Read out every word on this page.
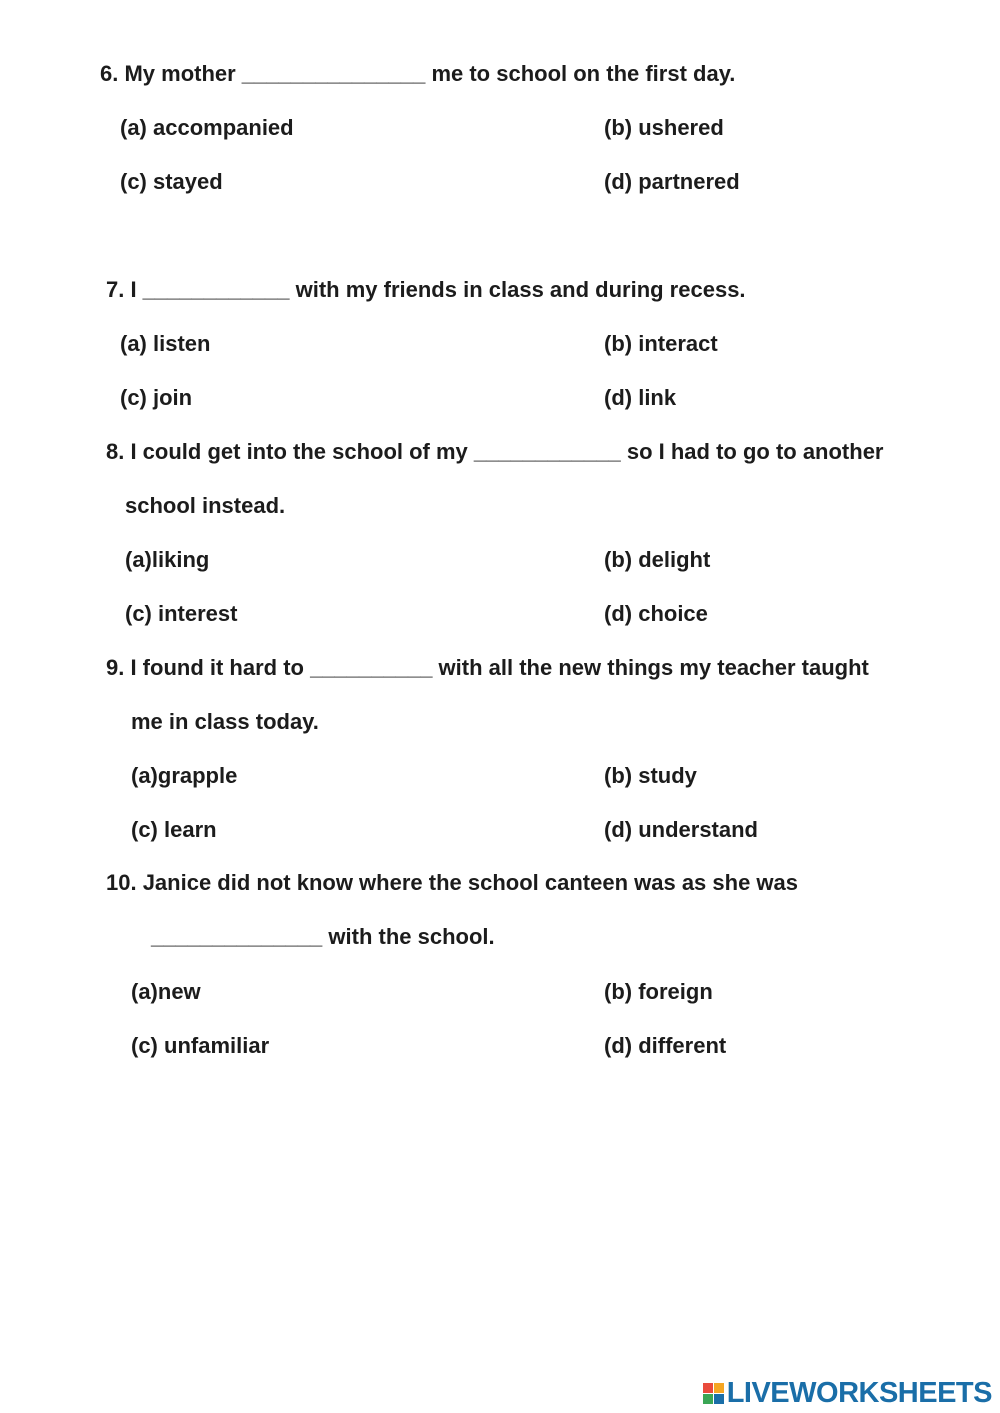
6. My mother _______________ me to school on the first day.
(a) accompanied	(b) ushered
(c) stayed	(d) partnered
7. I ____________ with my friends in class and during recess.
(a) listen	(b) interact
(c) join	(d) link
8. I could get into the school of my ____________ so I had to go to another
school instead.
(a)liking	(b) delight
(c) interest	(d) choice
9. I found it hard to __________ with all the new things my teacher taught
me in class today.
(a)grapple	(b) study
(c) learn	(d) understand
10. Janice did not know where the school canteen was as she was
______________ with the school.
(a)new	(b) foreign
(c) unfamiliar	(d) different
LIVEWORKSHEETS
